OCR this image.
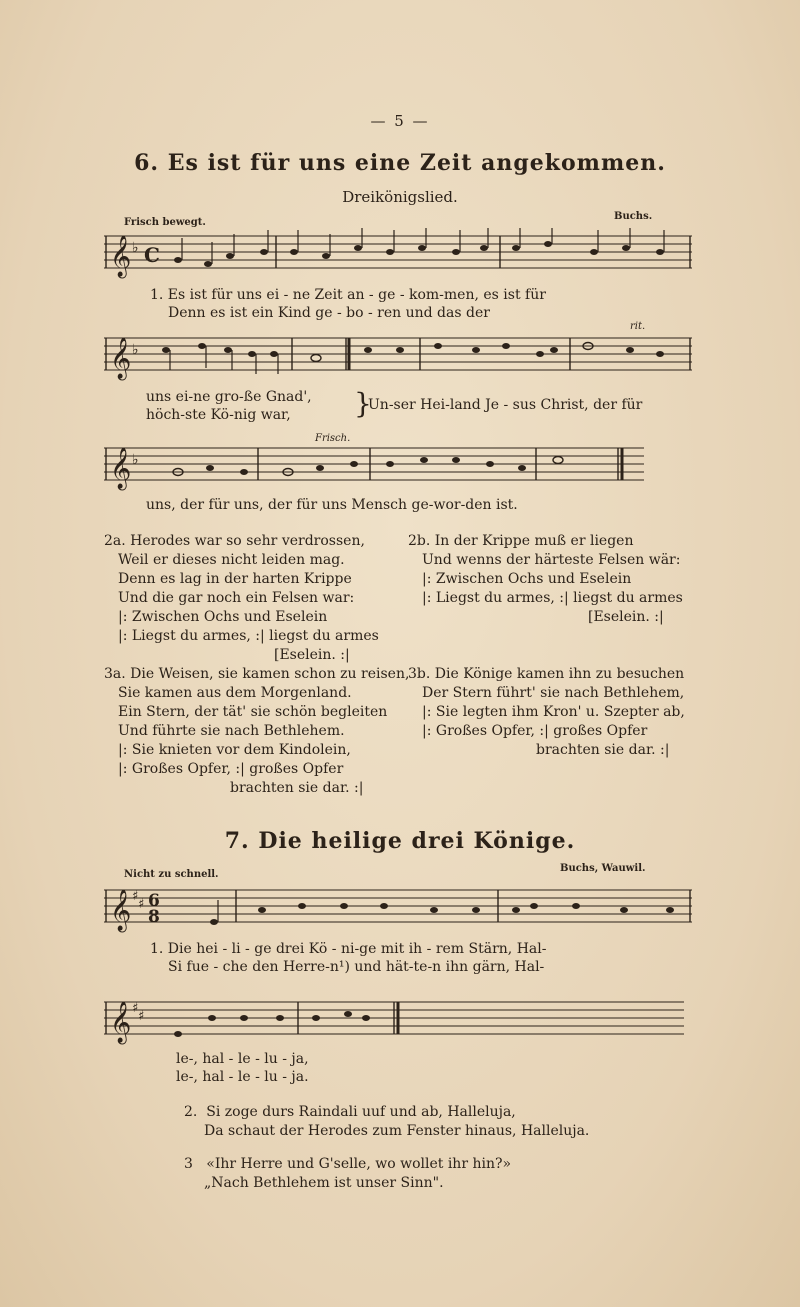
— 5 —
6. Es ist für uns eine Zeit angekommen.
Dreikönigslied.
Frisch bewegt.
Buchs.
𝄞 ♭ C
1. Es ist für uns ei - ne Zeit an - ge - kom-men, es ist für
Denn es ist ein Kind ge - bo - ren und das der
rit.
𝄞 ♭
uns ei-ne gro-ße Gnad',
höch-ste Kö-nig war, }
Un-ser Hei-land Je - sus Christ, der für
Frisch.
𝄞 ♭
uns, der für uns, der für uns Mensch ge-wor-den ist.
2a. Herodes war so sehr verdrossen,
Weil er dieses nicht leiden mag.
Denn es lag in der harten Krippe
Und die gar noch ein Felsen war:
|: Zwischen Ochs und Eselein
|: Liegst du armes, :| liegst du armes
[Eselein. :|
2b. In der Krippe muß er liegen
Und wenns der härteste Felsen wär:
|: Zwischen Ochs und Eselein
|: Liegst du armes, :| liegst du armes
[Eselein. :|
3a. Die Weisen, sie kamen schon zu reisen,
Sie kamen aus dem Morgenland.
Ein Stern, der tät' sie schön begleiten
Und führte sie nach Bethlehem.
|: Sie knieten vor dem Kindolein,
|: Großes Opfer, :| großes Opfer
brachten sie dar. :|
3b. Die Könige kamen ihn zu besuchen
Der Stern führt' sie nach Bethlehem,
|: Sie legten ihm Kron' u. Szepter ab,
|: Großes Opfer, :| großes Opfer
brachten sie dar. :|
7. Die heilige drei Könige.
Nicht zu schnell.
Buchs, Wauwil.
𝄞 ♯
♯ 6
8
1. Die hei - li - ge drei Kö - ni-ge mit ih - rem Stärn, Hal-
Si fue - che den Herre-n¹) und hät-te-n ihn gärn, Hal-
𝄞 ♯
♯
le-, hal - le - lu - ja,
le-, hal - le - lu - ja.
2. Si zoge durs Raindali uuf und ab, Halleluja,
Da schaut der Herodes zum Fenster hinaus, Halleluja.
3 «Ihr Herre und G'selle, wo wollet ihr hin?»
„Nach Bethlehem ist unser Sinn".
